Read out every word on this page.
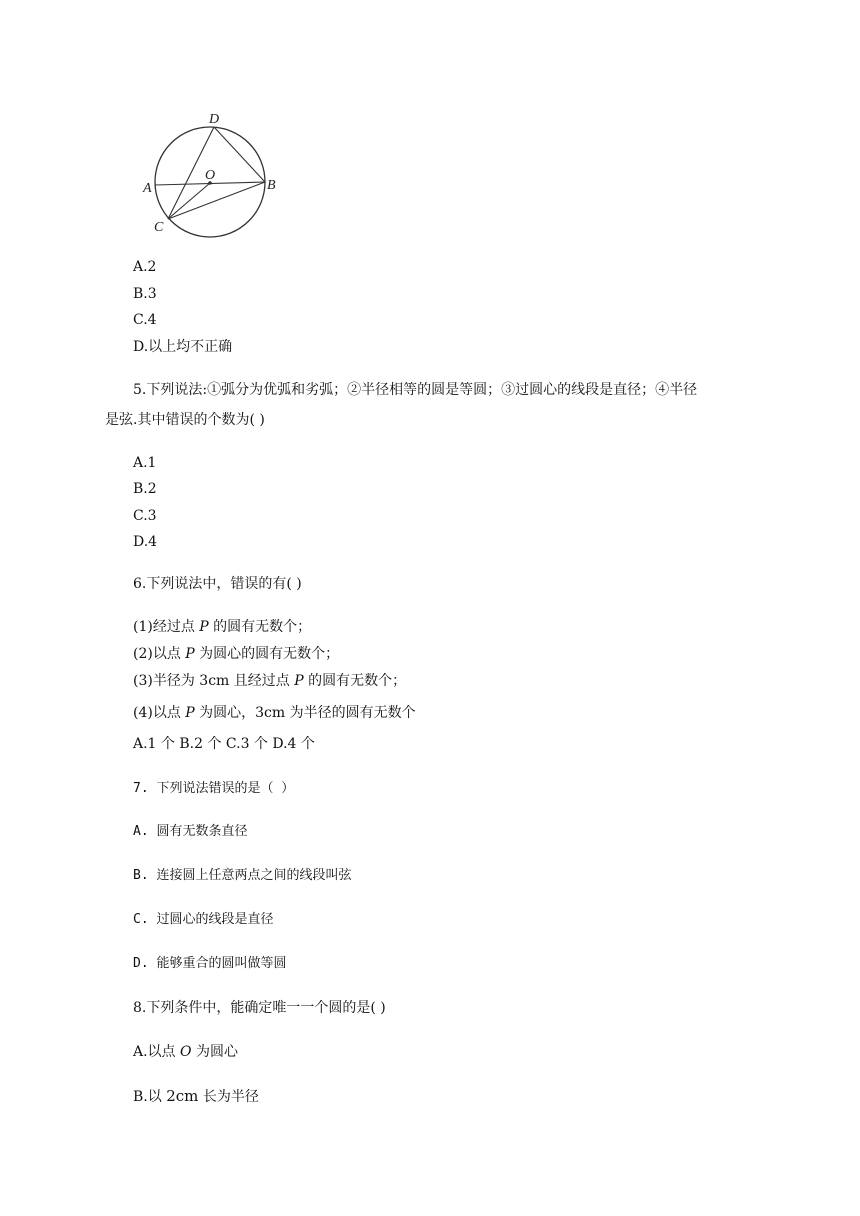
D
A
O
B
C
A.2
B.3
C.4
D.以上均不正确
5.下列说法:①弧分为优弧和劣弧；②半径相等的圆是等圆；③过圆心的线段是直径；④半径
是弦.其中错误的个数为( )
A.1
B.2
C.3
D.4
6.下列说法中，错误的有( )
(1)经过点 P 的圆有无数个；
(2)以点 P 为圆心的圆有无数个；
(3)半径为 3cm 且经过点 P 的圆有无数个；
(4)以点 P 为圆心，3cm 为半径的圆有无数个
A.1 个 B.2 个 C.3 个 D.4 个
7. 下列说法错误的是（ ）
A. 圆有无数条直径
B. 连接圆上任意两点之间的线段叫弦
C. 过圆心的线段是直径
D. 能够重合的圆叫做等圆
8.下列条件中，能确定唯一一个圆的是( )
A.以点 O 为圆心
B.以 2cm 长为半径
